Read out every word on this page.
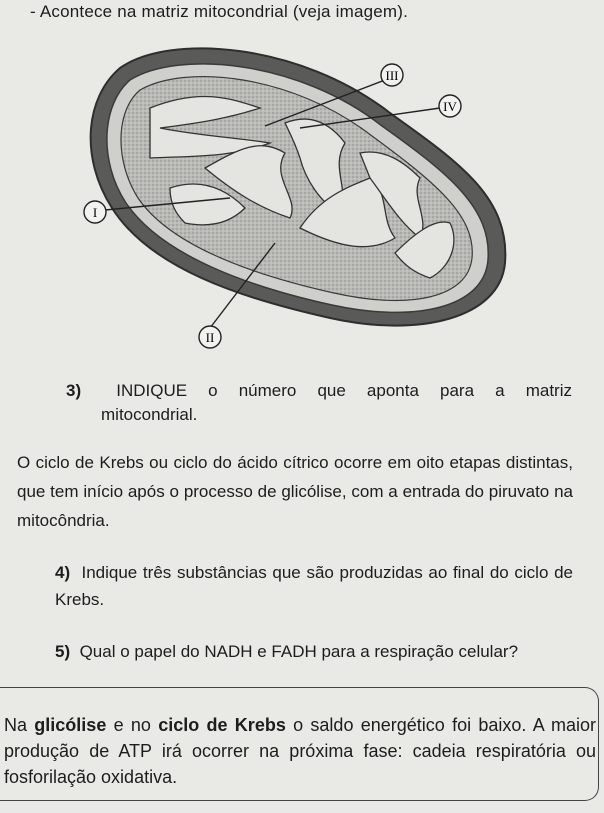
- Acontece na matriz mitocondrial (veja imagem).
III
IV
I
II
3) INDIQUE o número que aponta para a matriz
mitocondrial.
O ciclo de Krebs ou ciclo do ácido cítrico ocorre em oito etapas distintas, que tem início após o processo de glicólise, com a entrada do piruvato na mitocôndria.
4) Indique três substâncias que são produzidas ao final do ciclo de Krebs.
5) Qual o papel do NADH e FADH para a respiração celular?
Na glicólise e no ciclo de Krebs o saldo energético foi baixo. A maior produção de ATP irá ocorrer na próxima fase: cadeia respiratória ou fosforilação oxidativa.
